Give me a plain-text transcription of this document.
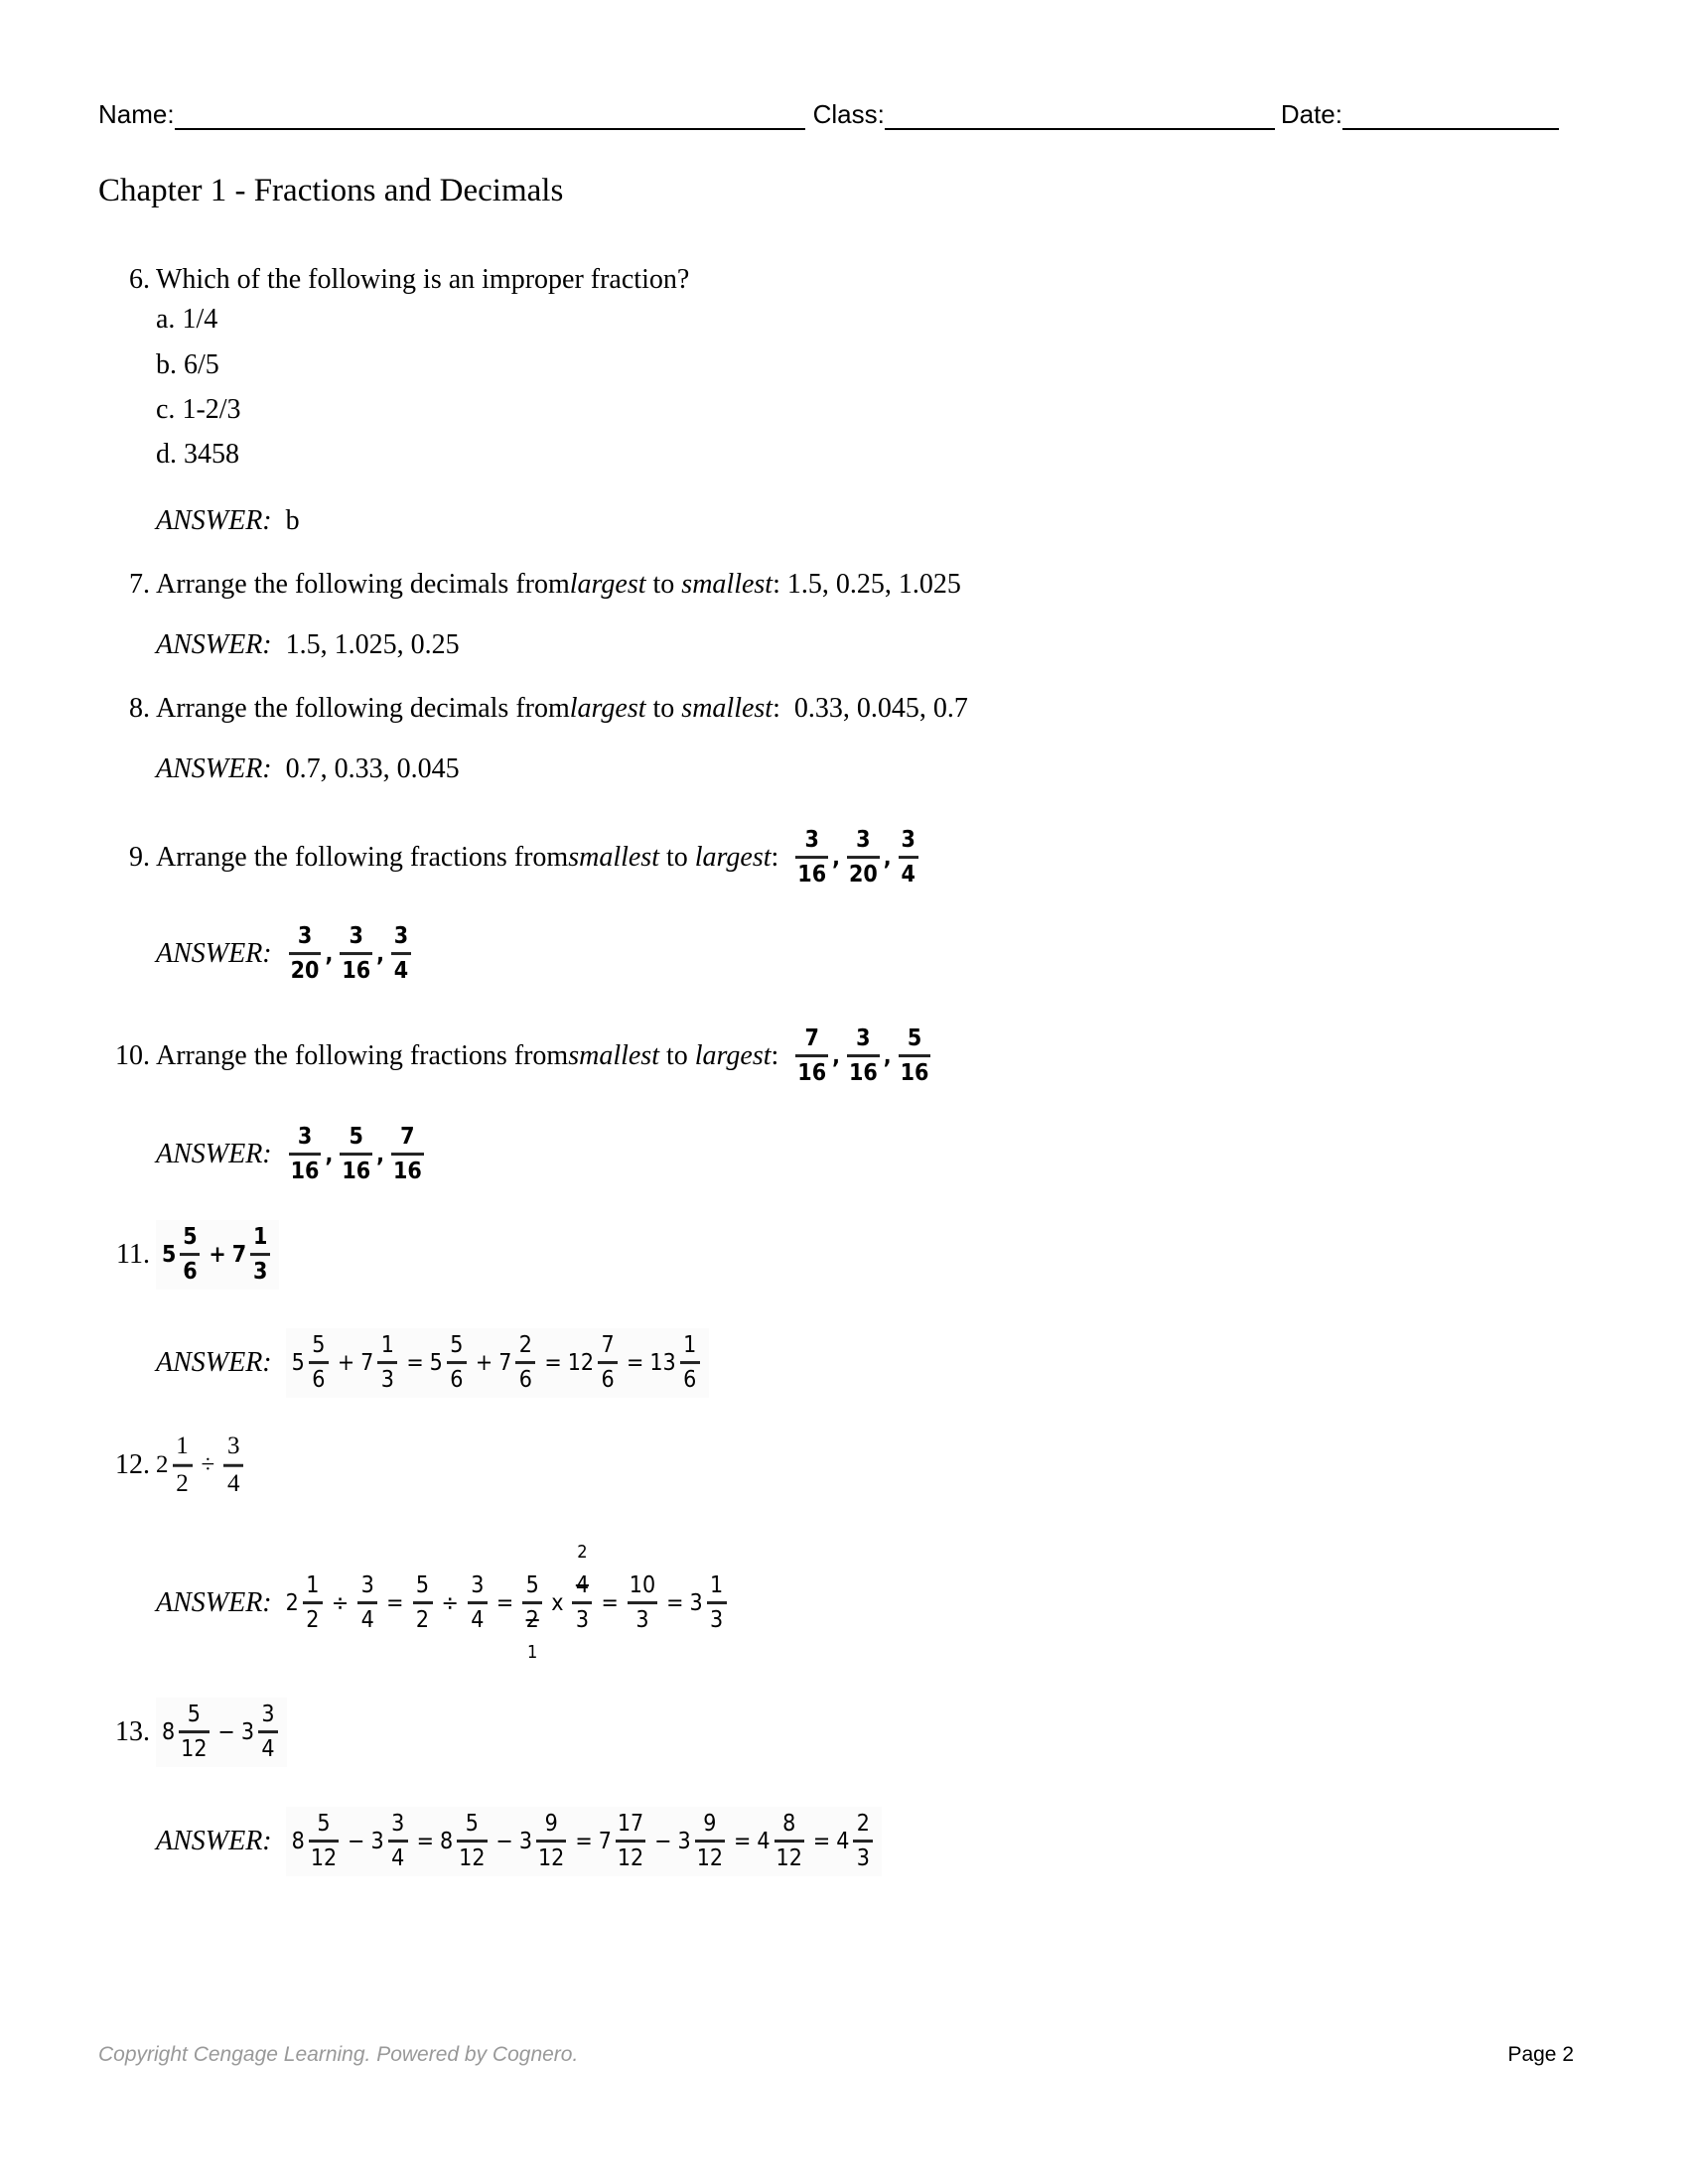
Name:	Class:	Date:
Chapter 1 - Fractions and Decimals
6. Which of the following is an improper fraction?
a.
1/4
b.
6/5
c.
1-2/3
d.
3458
ANSWER: b
7. Arrange the following decimals from largest to smallest : 1.5, 0.25, 1.025
ANSWER: 1.5, 1.025, 0.25
8. Arrange the following decimals from largest to smallest :  0.33, 0.045, 0.7
ANSWER: 0.7, 0.33, 0.045
9. Arrange the following fractions from smallest to largest : $\frac{3}{16}$ , $\frac{3}{20}$ , $\frac{3}{4}$
ANSWER: $\frac{3}{20}$ , $\frac{3}{16}$ , $\frac{3}{4}$
10. Arrange the following fractions from smallest to largest : $\frac{7}{16}$ , $\frac{3}{16}$ , $\frac{5}{16}$
ANSWER: $\frac{3}{16}$ , $\frac{5}{16}$ , $\frac{7}{16}$
11. $5 \frac{5}{6} + 7 \frac{1}{3}$
ANSWER: $5 \frac{5}{6} + 7 \frac{1}{3} = 5 \frac{5}{6} + 7 \frac{2}{6} = 12 \frac{7}{6} = 13 \frac{1}{6}$
12. $2 \frac{1}{2} \div \frac{3}{4}$
ANSWER: $2 \frac{1}{2} \div \frac{3}{4} = \frac{5}{2} \div \frac{3}{4}$ =
5
2
1
x
4
3
2
= $\frac{10}{3} = 3 \frac{1}{3}$
13. $8 \frac{5}{12} - 3 \frac{3}{4}$
ANSWER: $8 \frac{5}{12} - 3 \frac{3}{4} = 8 \frac{5}{12} - 3 \frac{9}{12} = 7 \frac{17}{12} - 3 \frac{9}{12} = 4 \frac{8}{12} = 4 \frac{2}{3}$
Copyright Cengage Learning. Powered by Cognero.	Page 2
